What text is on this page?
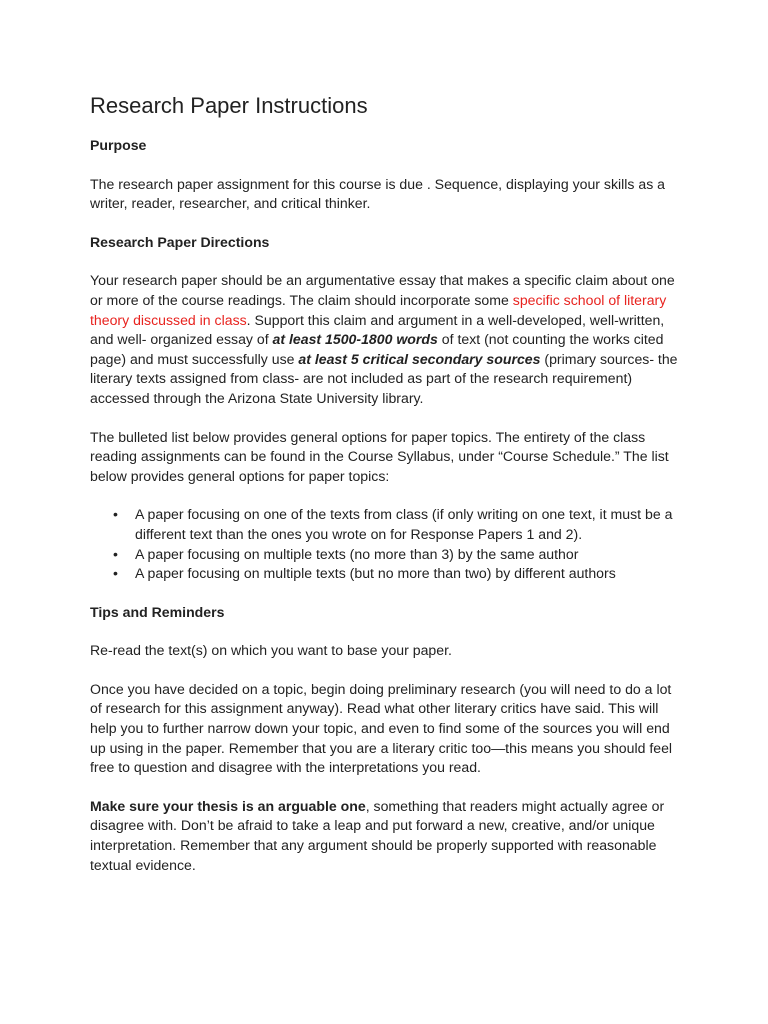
Research Paper Instructions
Purpose

The research paper assignment for this course is due . Sequence, displaying your skills as a writer, reader, researcher, and critical thinker.

Research Paper Directions

Your research paper should be an argumentative essay that makes a specific claim about one or more of the course readings. The claim should incorporate some specific school of literary theory discussed in class. Support this claim and argument in a well-developed, well-written, and well- organized essay of at least 1500-1800 words of text (not counting the works cited page) and must successfully use at least 5 critical secondary sources (primary sources- the literary texts assigned from class- are not included as part of the research requirement) accessed through the Arizona State University library.

The bulleted list below provides general options for paper topics. The entirety of the class reading assignments can be found in the Course Syllabus, under “Course Schedule.” The list below provides general options for paper topics:

• A paper focusing on one of the texts from class (if only writing on one text, it must be a different text than the ones you wrote on for Response Papers 1 and 2).
• A paper focusing on multiple texts (no more than 3) by the same author
• A paper focusing on multiple texts (but no more than two) by different authors
Tips and Reminders

Re-read the text(s) on which you want to base your paper.

Once you have decided on a topic, begin doing preliminary research (you will need to do a lot of research for this assignment anyway). Read what other literary critics have said. This will help you to further narrow down your topic, and even to find some of the sources you will end up using in the paper. Remember that you are a literary critic too—this means you should feel free to question and disagree with the interpretations you read.

Make sure your thesis is an arguable one, something that readers might actually agree or disagree with. Don’t be afraid to take a leap and put forward a new, creative, and/or unique interpretation. Remember that any argument should be properly supported with reasonable textual evidence.
